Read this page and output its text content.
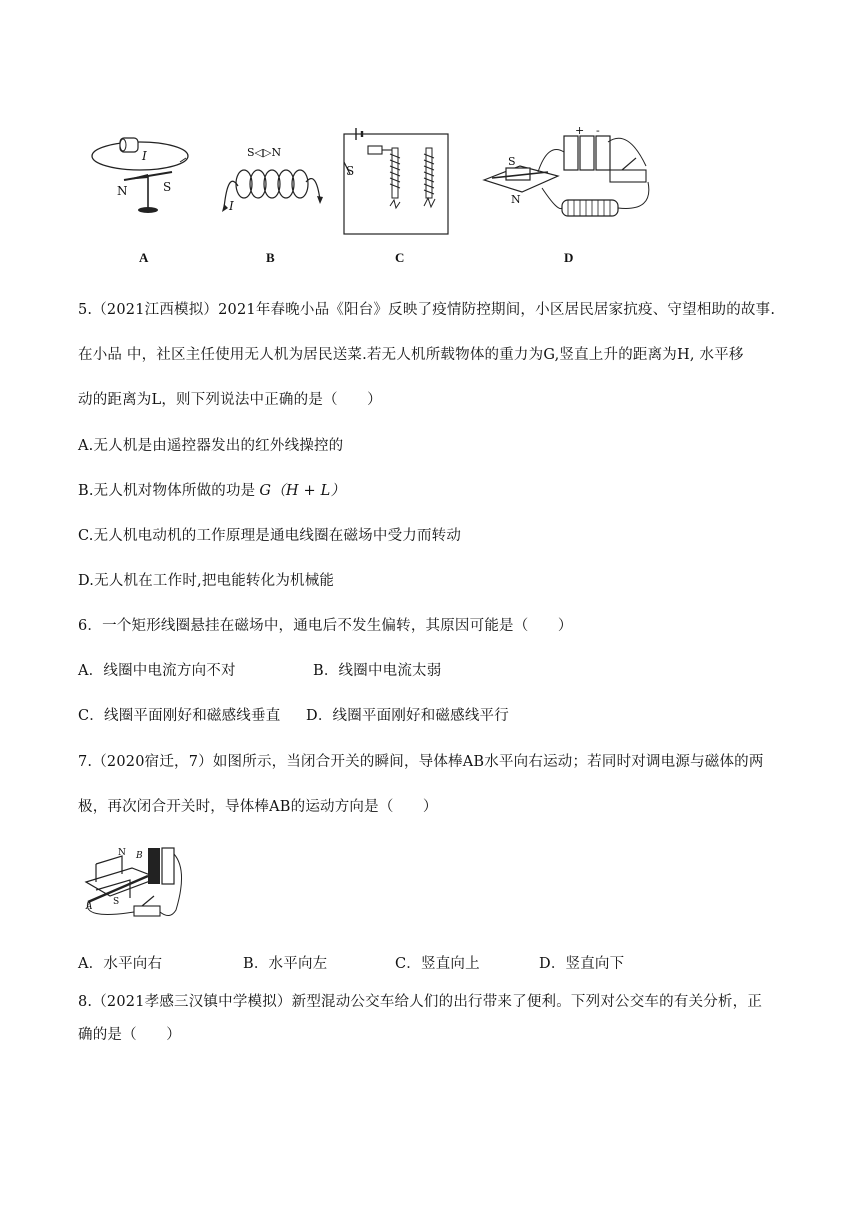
I
N	S
S◁▷N
I
S
S
N
+ -
A	B	C	D
5.（2021江西模拟）2021年春晚小品《阳台》反映了疫情防控期间，小区居民居家抗疫、守望相助的故事.
在小品 中，社区主任使用无人机为居民送菜.若无人机所载物体的重力为G,竖直上升的距离为H, 水平移
动的距离为L，则下列说法中正确的是（　　）
A.无人机是由遥控器发出的红外线操控的
B.无人机对物体所做的功是 G（H + L）
C.无人机电动机的工作原理是通电线圈在磁场中受力而转动
D.无人机在工作时,把电能转化为机械能
6．一个矩形线圈悬挂在磁场中，通电后不发生偏转，其原因可能是（　　）
A．线圈中电流方向不对	B．线圈中电流太弱
C．线圈平面刚好和磁感线垂直 D．线圈平面刚好和磁感线平行
7.（2020宿迁，7）如图所示，当闭合开关的瞬间，导体棒AB水平向右运动；若同时对调电源与磁体的两
极，再次闭合开关时，导体棒AB的运动方向是（　　）
N B
S
A
A．水平向右	B．水平向左	C．竖直向上	D．竖直向下
8.（2021孝感三汉镇中学模拟）新型混动公交车给人们的出行带来了便利。下列对公交车的有关分析，正
确的是（　　）
